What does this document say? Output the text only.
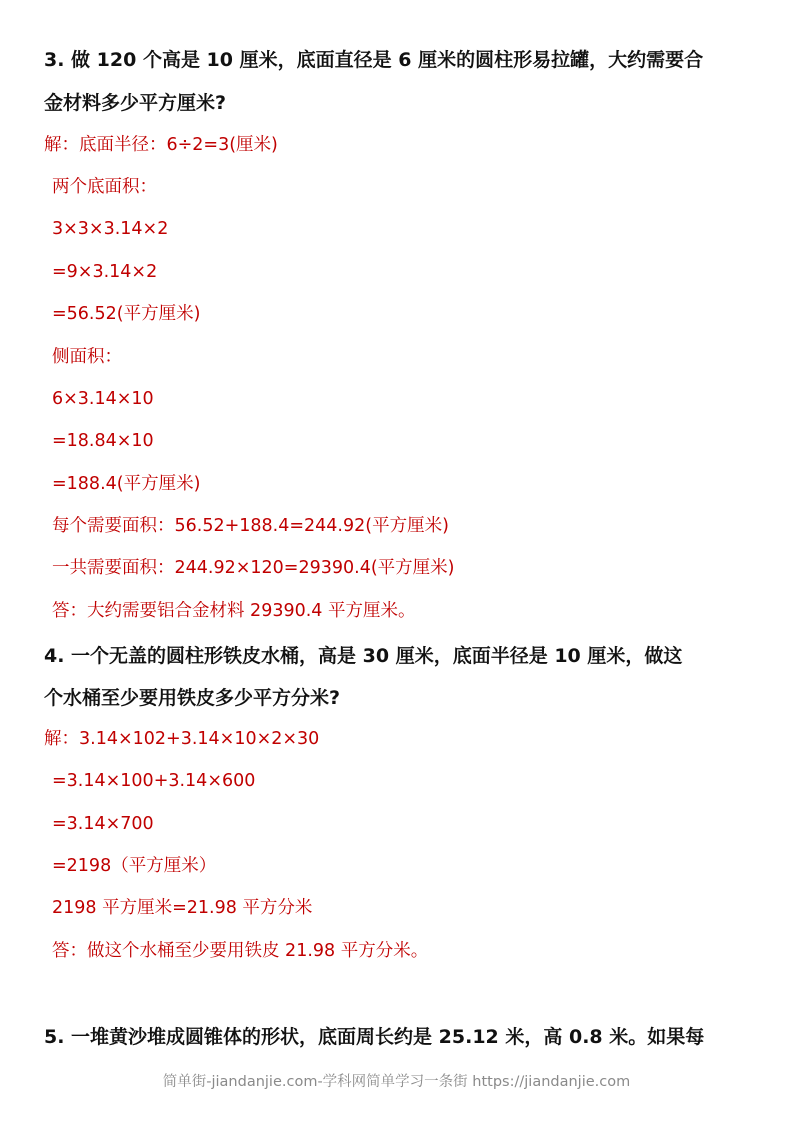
3. 做 120 个高是 10 厘米，底面直径是 6 厘米的圆柱形易拉罐，大约需要合
金材料多少平方厘米?
解：底面半径：6÷2=3(厘米)
两个底面积：
3×3×3.14×2
=9×3.14×2
=56.52(平方厘米)
侧面积：
6×3.14×10
=18.84×10
=188.4(平方厘米)
每个需要面积：56.52+188.4=244.92(平方厘米)
一共需要面积：244.92×120=29390.4(平方厘米)
答：大约需要铝合金材料 29390.4 平方厘米。
4. 一个无盖的圆柱形铁皮水桶，高是 30 厘米，底面半径是 10 厘米，做这
个水桶至少要用铁皮多少平方分米?
解：3.14×102+3.14×10×2×30
=3.14×100+3.14×600
=3.14×700
=2198（平方厘米）
2198 平方厘米=21.98 平方分米
答：做这个水桶至少要用铁皮 21.98 平方分米。
5. 一堆黄沙堆成圆锥体的形状，底面周长约是 25.12 米，高 0.8 米。如果每
简单街-jiandanjie.com-学科网简单学习一条街 https://jiandanjie.com
